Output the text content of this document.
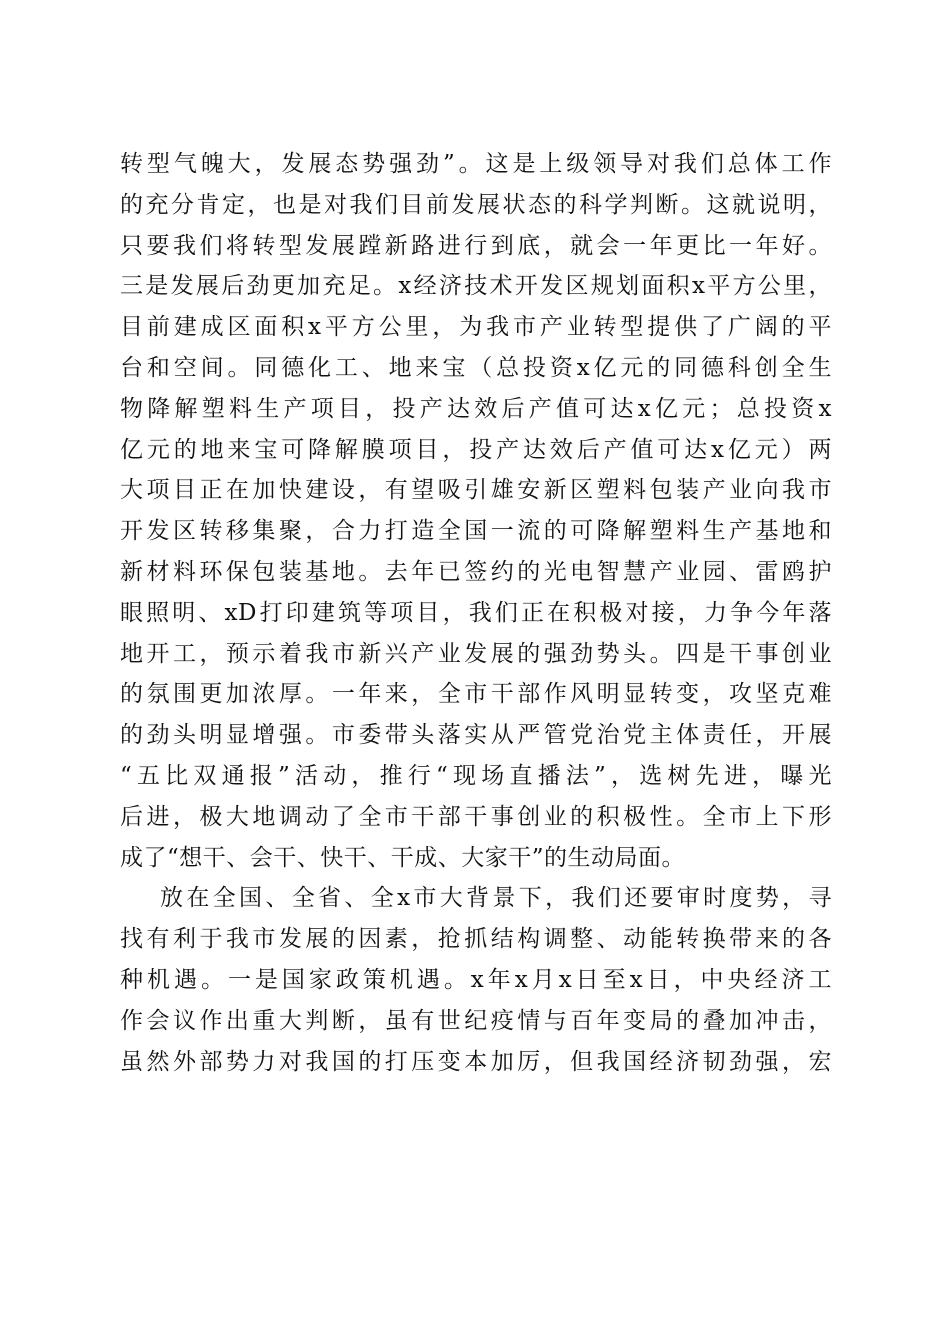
转型气魄大，发展态势强劲”。这是上级领导对我们总体工作
的充分肯定，也是对我们目前发展状态的科学判断。这就说明，
只要我们将转型发展蹚新路进行到底，就会一年更比一年好。
三是发展后劲更加充足。x经济技术开发区规划面积x平方公里，
目前建成区面积x平方公里，为我市产业转型提供了广阔的平
台和空间。同德化工、地来宝（总投资x亿元的同德科创全生
物降解塑料生产项目，投产达效后产值可达x亿元；总投资x
亿元的地来宝可降解膜项目，投产达效后产值可达x亿元）两
大项目正在加快建设，有望吸引雄安新区塑料包装产业向我市
开发区转移集聚，合力打造全国一流的可降解塑料生产基地和
新材料环保包装基地。去年已签约的光电智慧产业园、雷鸥护
眼照明、xD打印建筑等项目，我们正在积极对接，力争今年落
地开工，预示着我市新兴产业发展的强劲势头。四是干事创业
的氛围更加浓厚。一年来，全市干部作风明显转变，攻坚克难
的劲头明显增强。市委带头落实从严管党治党主体责任，开展
“五比双通报”活动，推行“现场直播法”，选树先进，曝光
后进，极大地调动了全市干部干事创业的积极性。全市上下形
成了“想干、会干、快干、干成、大家干”的生动局面。
放在全国、全省、全x市大背景下，我们还要审时度势，寻
找有利于我市发展的因素，抢抓结构调整、动能转换带来的各
种机遇。一是国家政策机遇。x年x月x日至x日，中央经济工
作会议作出重大判断，虽有世纪疫情与百年变局的叠加冲击，
虽然外部势力对我国的打压变本加厉，但我国经济韧劲强，宏
